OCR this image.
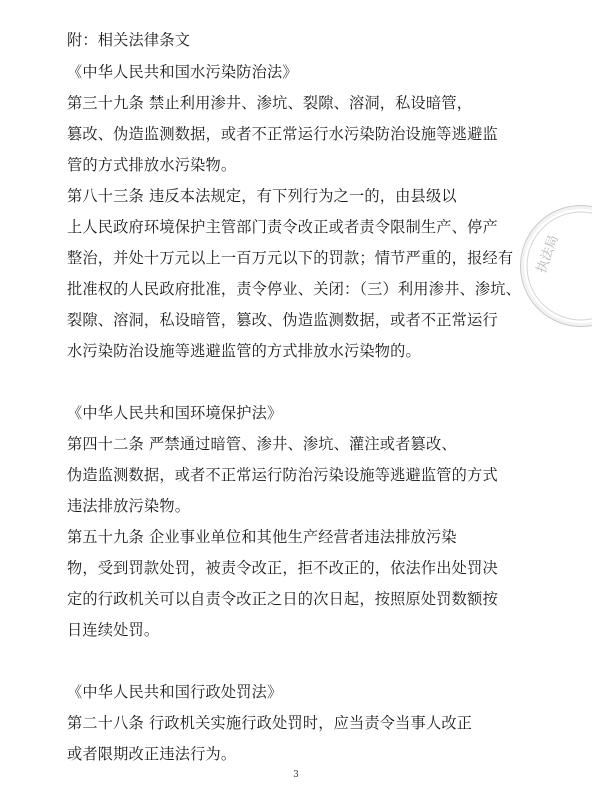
附：相关法律条文
《中华人民共和国水污染防治法》
第三十九条 禁止利用渗井、渗坑、裂隙、溶洞，私设暗管，
篡改、伪造监测数据，或者不正常运行水污染防治设施等逃避监
管的方式排放水污染物。
第八十三条 违反本法规定，有下列行为之一的，由县级以
上人民政府环境保护主管部门责令改正或者责令限制生产、停产
整治，并处十万元以上一百万元以下的罚款；情节严重的，报经有
批准权的人民政府批准，责令停业、关闭：（三）利用渗井、渗坑、
裂隙、溶洞，私设暗管，篡改、伪造监测数据，或者不正常运行
水污染防治设施等逃避监管的方式排放水污染物的。
《中华人民共和国环境保护法》
第四十二条 严禁通过暗管、渗井、渗坑、灌注或者篡改、
伪造监测数据，或者不正常运行防治污染设施等逃避监管的方式
违法排放污染物。
第五十九条 企业事业单位和其他生产经营者违法排放污染
物，受到罚款处罚，被责令改正，拒不改正的，依法作出处罚决
定的行政机关可以自责令改正之日的次日起，按照原处罚数额按
日连续处罚。
《中华人民共和国行政处罚法》
第二十八条 行政机关实施行政处罚时，应当责令当事人改正
或者限期改正违法行为。
3
执法局
